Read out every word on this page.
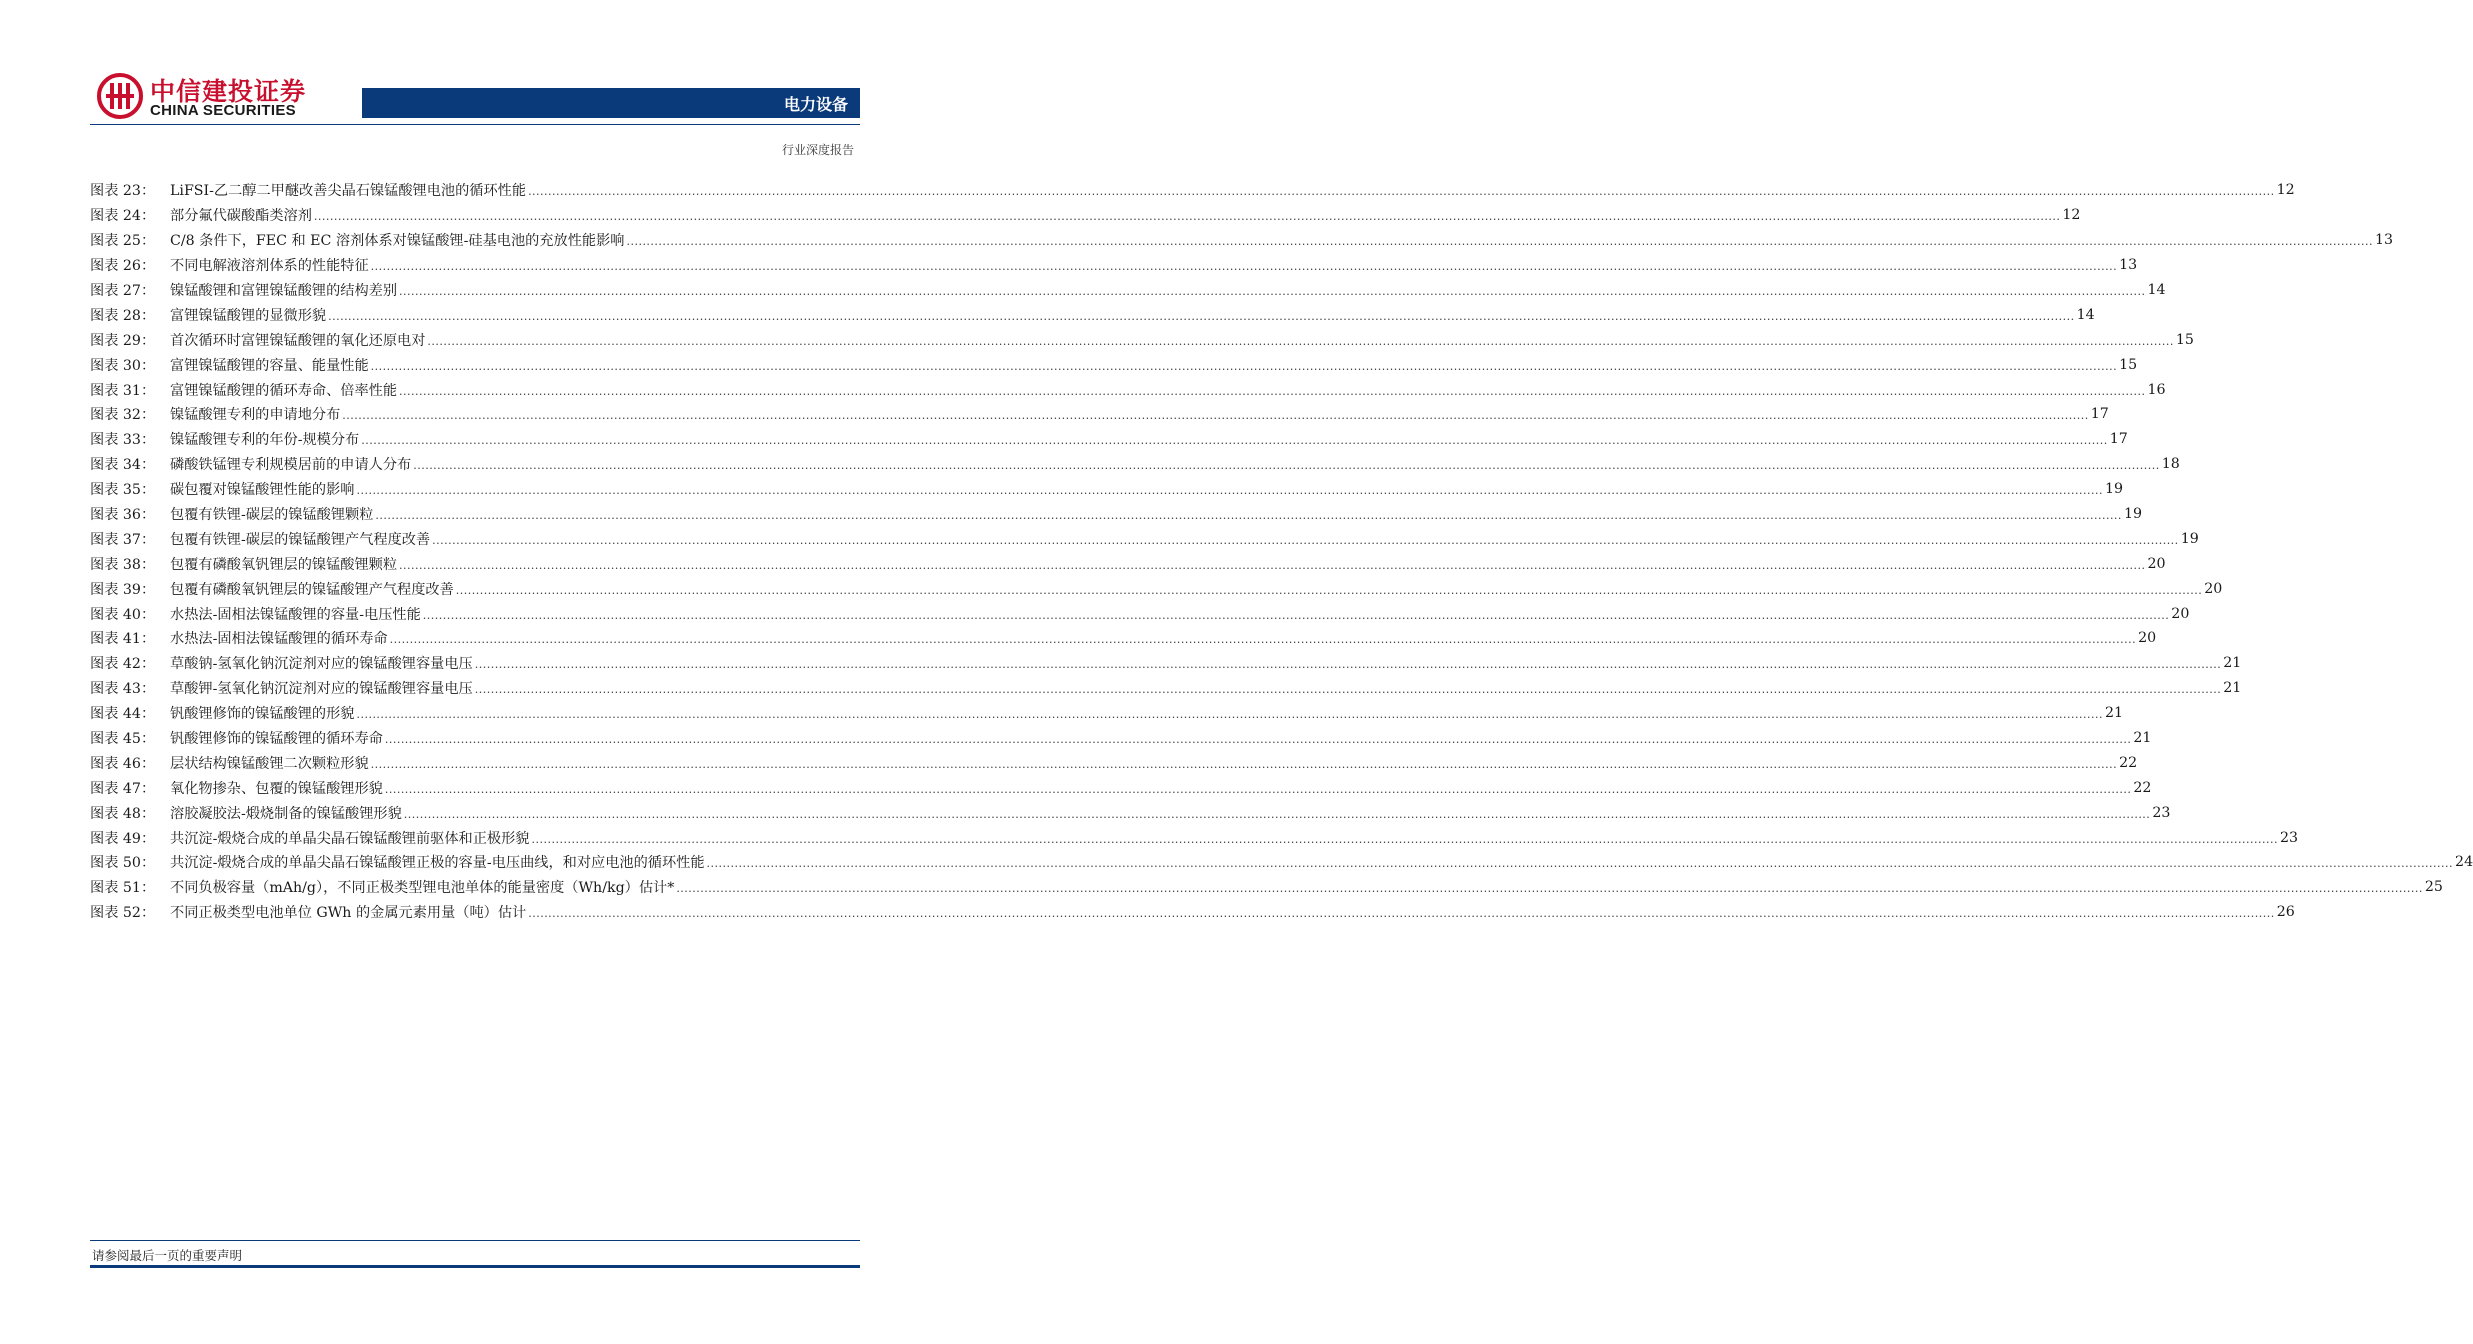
中信建投证券
CHINA SECURITIES	电力设备
行业深度报告
图表 23：	LiFSI-乙二醇二甲醚改善尖晶石镍锰酸锂电池的循环性能 .....	12
图表 24：	部分氟代碳酸酯类溶剂 .....	12
图表 25：	C/8 条件下，FEC 和 EC 溶剂体系对镍锰酸锂-硅基电池的充放性能影响 .....	13
图表 26：	不同电解液溶剂体系的性能特征 .....	13
图表 27：	镍锰酸锂和富锂镍锰酸锂的结构差别 .....	14
图表 28：	富锂镍锰酸锂的显微形貌 .....	14
图表 29：	首次循环时富锂镍锰酸锂的氧化还原电对 .....	15
图表 30：	富锂镍锰酸锂的容量、能量性能 .....	15
图表 31：	富锂镍锰酸锂的循环寿命、倍率性能 .....	16
图表 32：	镍锰酸锂专利的申请地分布 .....	17
图表 33：	镍锰酸锂专利的年份-规模分布 .....	17
图表 34：	磷酸铁锰锂专利规模居前的申请人分布 .....	18
图表 35：	碳包覆对镍锰酸锂性能的影响 .....	19
图表 36：	包覆有铁锂-碳层的镍锰酸锂颗粒 .....	19
图表 37：	包覆有铁锂-碳层的镍锰酸锂产气程度改善 .....	19
图表 38：	包覆有磷酸氧钒锂层的镍锰酸锂颗粒 .....	20
图表 39：	包覆有磷酸氧钒锂层的镍锰酸锂产气程度改善 .....	20
图表 40：	水热法-固相法镍锰酸锂的容量-电压性能 .....	20
图表 41：	水热法-固相法镍锰酸锂的循环寿命 .....	20
图表 42：	草酸钠-氢氧化钠沉淀剂对应的镍锰酸锂容量电压 .....	21
图表 43：	草酸钾-氢氧化钠沉淀剂对应的镍锰酸锂容量电压 .....	21
图表 44：	钒酸锂修饰的镍锰酸锂的形貌 .....	21
图表 45：	钒酸锂修饰的镍锰酸锂的循环寿命 .....	21
图表 46：	层状结构镍锰酸锂二次颗粒形貌 .....	22
图表 47：	氧化物掺杂、包覆的镍锰酸锂形貌 .....	22
图表 48：	溶胶凝胶法-煅烧制备的镍锰酸锂形貌 .....	23
图表 49：	共沉淀-煅烧合成的单晶尖晶石镍锰酸锂前驱体和正极形貌 .....	23
图表 50：	共沉淀-煅烧合成的单晶尖晶石镍锰酸锂正极的容量-电压曲线，和对应电池的循环性能 .....	24
图表 51：	不同负极容量（mAh/g），不同正极类型锂电池单体的能量密度（Wh/kg）估计* .....	25
图表 52：	不同正极类型电池单位 GWh 的金属元素用量（吨）估计 .....	26
请参阅最后一页的重要声明
